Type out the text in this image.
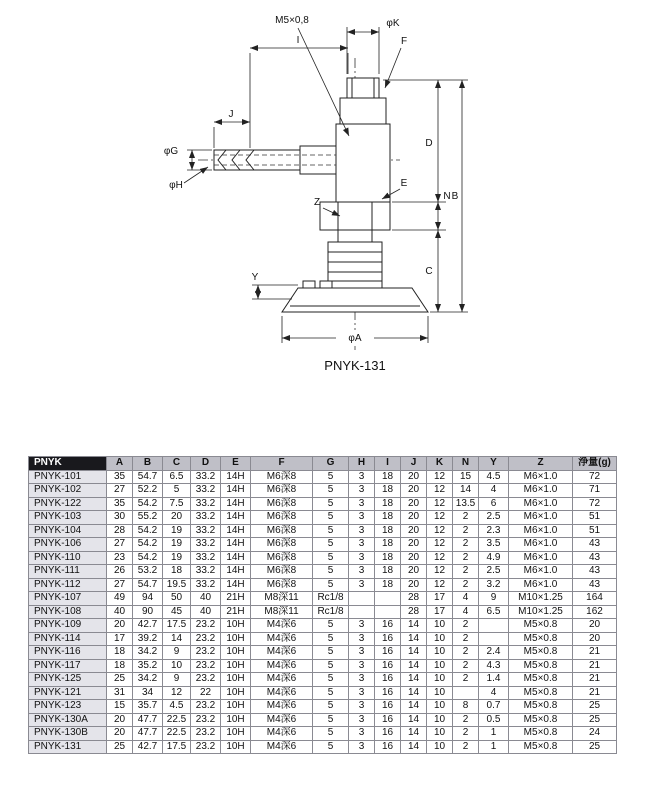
M5×0,8	φK
F
I
J
φG
φH
D
N
C
B
E
Z
Y
φA
PNYK-131
PNYK	A	B	C	D	E	F	G	H	I	J	K	N	Y	Z	浄量(g)
PNYK-101	35	54.7	6.5	33.2	14H	M6深8	5	3	18	20	12	15	4.5	M6×1.0	72
PNYK-102	27	52.2	5	33.2	14H	M6深8	5	3	18	20	12	14	4	M6×1.0	71
PNYK-122	35	54.2	7.5	33.2	14H	M6深8	5	3	18	20	12	13.5	6	M6×1.0	72
PNYK-103	30	55.2	20	33.2	14H	M6深8	5	3	18	20	12	2	2.5	M6×1.0	51
PNYK-104	28	54.2	19	33.2	14H	M6深8	5	3	18	20	12	2	2.3	M6×1.0	51
PNYK-106	27	54.2	19	33.2	14H	M6深8	5	3	18	20	12	2	3.5	M6×1.0	43
PNYK-110	23	54.2	19	33.2	14H	M6深8	5	3	18	20	12	2	4.9	M6×1.0	43
PNYK-111	26	53.2	18	33.2	14H	M6深8	5	3	18	20	12	2	2.5	M6×1.0	43
PNYK-112	27	54.7	19.5	33.2	14H	M6深8	5	3	18	20	12	2	3.2	M6×1.0	43
PNYK-107	49	94	50	40	21H	M8深11	Rc1/8			28	17	4	9	M10×1.25	164
PNYK-108	40	90	45	40	21H	M8深11	Rc1/8			28	17	4	6.5	M10×1.25	162
PNYK-109	20	42.7	17.5	23.2	10H	M4深6	5	3	16	14	10	2		M5×0.8	20
PNYK-114	17	39.2	14	23.2	10H	M4深6	5	3	16	14	10	2		M5×0.8	20
PNYK-116	18	34.2	9	23.2	10H	M4深6	5	3	16	14	10	2	2.4	M5×0.8	21
PNYK-117	18	35.2	10	23.2	10H	M4深6	5	3	16	14	10	2	4.3	M5×0.8	21
PNYK-125	25	34.2	9	23.2	10H	M4深6	5	3	16	14	10	2	1.4	M5×0.8	21
PNYK-121	31	34	12	22	10H	M4深6	5	3	16	14	10		4	M5×0.8	21
PNYK-123	15	35.7	4.5	23.2	10H	M4深6	5	3	16	14	10	8	0.7	M5×0.8	25
PNYK-130A	20	47.7	22.5	23.2	10H	M4深6	5	3	16	14	10	2	0.5	M5×0.8	25
PNYK-130B	20	47.7	22.5	23.2	10H	M4深6	5	3	16	14	10	2	1	M5×0.8	24
PNYK-131	25	42.7	17.5	23.2	10H	M4深6	5	3	16	14	10	2	1	M5×0.8	25
